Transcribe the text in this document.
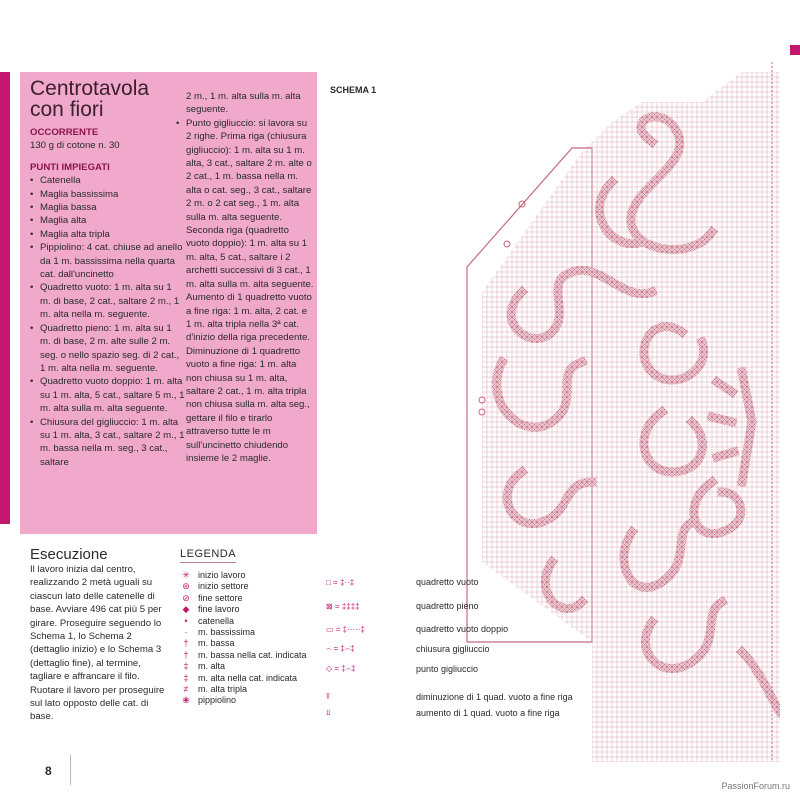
Centrotavola con fiori
OCCORRENTE
130 g di cotone n. 30
PUNTI IMPIEGATI
• Catenella
• Maglia bassissima
• Maglia bassa
• Maglia alta
• Maglia alta tripla
• Pippiolino: 4 cat. chiuse ad anello da 1 m. bassissima nella quarta cat. dall'uncinetto
• Quadretto vuoto: 1 m. alta su 1 m. di base, 2 cat., saltare 2 m., 1 m. alta nella m. seguente.
• Quadretto pieno: 1 m. alta su 1 m. di base, 2 m. alte sulle 2 m. seg. o nello spazio seg. di 2 cat., 1 m. alta nella m. seguente.
• Quadretto vuoto doppio: 1 m. alta su 1 m. alta, 5 cat., saltare 5 m., 1 m. alta sulla m. alta seguente.
• Chiusura del gigliuccio: 1 m. alta su 1 m. alta, 3 cat., saltare 2 m., 1 m. bassa nella m. seg., 3 cat., saltare
2 m., 1 m. alta sulla m. alta seguente.
• Punto gigliuccio: si lavora su 2 righe. Prima riga (chiusura gigliuccio): 1 m. alta su 1 m. alta, 3 cat., saltare 2 m. alte o 2 cat., 1 m. bassa nella m. alta o cat. seg., 3 cat., saltare 2 m. o 2 cat seg., 1 m. alta sulla m. alta seguente. Seconda riga (quadretto vuoto doppio): 1 m. alta su 1 m. alta, 5 cat., saltare i 2 archetti successivi di 3 cat., 1 m. alta sulla m. alta seguente.
Aumento di 1 quadretto vuoto a fine riga: 1 m. alta, 2 cat. e 1 m. alta tripla nella 3ª cat. d'inizio della riga precedente.
Diminuzione di 1 quadretto vuoto a fine riga: 1 m. alta non chiusa su 1 m. alta, saltare 2 cat., 1 m. alta tripla non chiusa sulla m. alta seg., gettare il filo e tirarlo attraverso tutte le m sull'uncinetto chiudendo insieme le 2 maglie.
Esecuzione
Il lavoro inizia dal centro, realizzando 2 metà uguali su ciascun lato delle catenelle di base. Avviare 496 cat più 5 per girare. Proseguire seguendo lo Schema 1, lo Schema 2 (dettaglio inizio) e lo Schema 3 (dettaglio fine), al termine, tagliare e affrancare il filo. Ruotare il lavoro per proseguire sul lato opposto delle cat. di base.
LEGENDA
✳ inizio lavoro
⊛ inizio settore
⊘ fine settore
◆ fine lavoro
•	catenella
·	m. bassissima
†	m. bassa
†	m. bassa nella cat. indicata
‡	m. alta
‡	m. alta nella cat. indicata
≠	m. alta tripla
❀ pippiolino
SCHEMA 1
□ = ‡··‡	quadretto vuoto
⊠ = ‡‡‡‡	quadretto pieno
▭ = ‡·····‡	quadretto vuoto doppio
⌢ = ‡⌢‡	chiusura gigliuccio
◇ = ‡⌢‡	punto gigliuccio
⫪	diminuzione di 1 quad. vuoto a fine riga
⫫	aumento di 1 quad. vuoto a fine riga
8
PassionForum.ru
